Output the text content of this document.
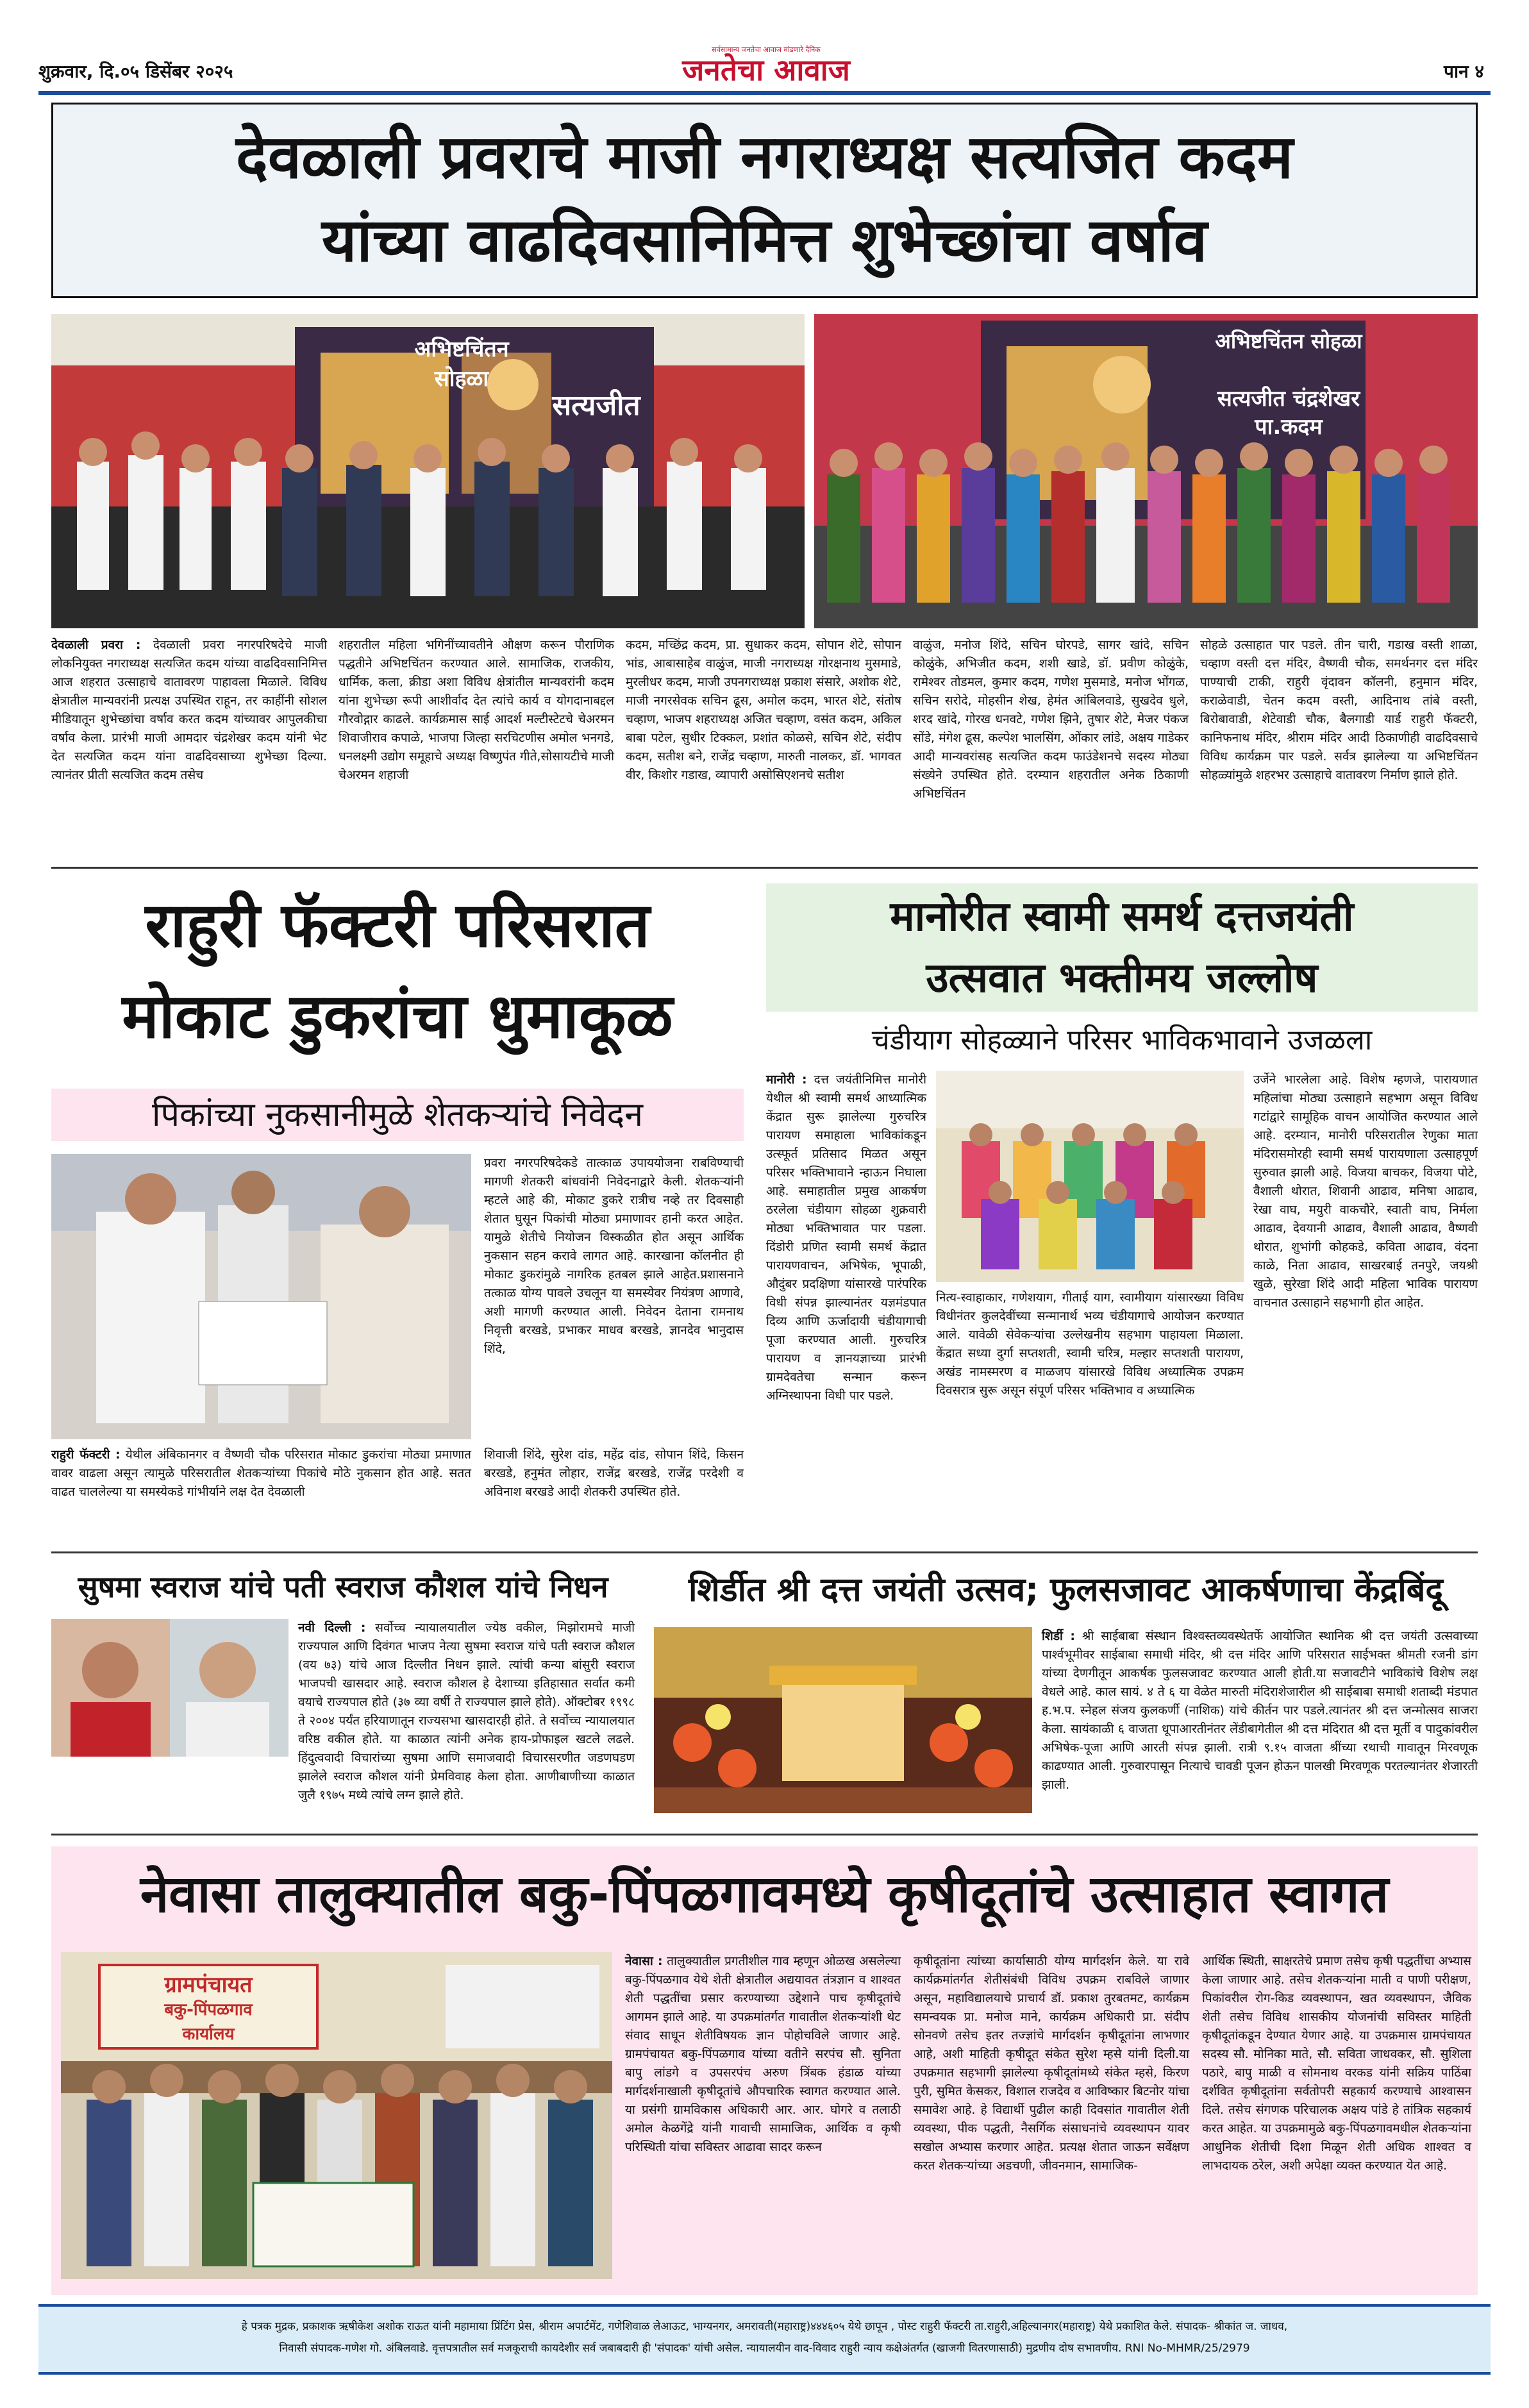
शुक्रवार, दि.०५ डिसेंबर २०२५
सर्वसामान्य जनतेचा आवाज मांडणारे दैनिक
जनतेचा आवाज	पान ४
देवळाली प्रवराचे माजी नगराध्यक्ष सत्यजित कदम
यांच्या वाढदिवसानिमित्त शुभेच्छांचा वर्षाव
अभिष्टचिंतन सोहळा
सत्यजीत
अभिष्टचिंतन सोहळा
सत्यजीत चंद्रशेखर पा.कदम
देवळाली प्रवरा : देवळाली प्रवरा नगरपरिषदेचे माजी लोकनियुक्त नगराध्यक्ष सत्यजित कदम यांच्या वाढदिवसानिमित्त आज शहरात उत्साहाचे वातावरण पाहावला मिळाले. विविध क्षेत्रातील मान्यवरांनी प्रत्यक्ष उपस्थित राहून, तर काहींनी सोशल मीडियातून शुभेच्छांचा वर्षाव करत कदम यांच्यावर आपुलकीचा वर्षाव केला. प्रारंभी माजी आमदार चंद्रशेखर कदम यांनी भेट देत सत्यजित कदम यांना वाढदिवसाच्या शुभेच्छा दिल्या. त्यानंतर प्रीती सत्यजित कदम तसेच
शहरातील महिला भगिनींच्यावतीने औक्षण करून पौराणिक पद्धतीने अभिष्टचिंतन करण्यात आले. सामाजिक, राजकीय, धार्मिक, कला, क्रीडा अशा विविध क्षेत्रांतील मान्यवरांनी कदम यांना शुभेच्छा रूपी आशीर्वाद देत त्यांचे कार्य व योगदानाबद्दल गौरवोद्गार काढले. कार्यक्रमास साई आदर्श मल्टीस्टेटचे चेअरमन शिवाजीराव कपाळे, भाजपा जिल्हा सरचिटणीस अमोल भनगडे, धनलक्ष्मी उद्योग समूहाचे अध्यक्ष विष्णुपंत गीते,सोसायटीचे माजी चेअरमन शहाजी
कदम, मच्छिंद्र कदम, प्रा. सुधाकर कदम, सोपान शेटे, सोपान भांड, आबासाहेब वाळुंज, माजी नगराध्यक्ष गोरक्षनाथ मुसमाडे, मुरलीधर कदम, माजी उपनगराध्यक्ष प्रकाश संसारे, अशोक शेटे, माजी नगरसेवक सचिन ढूस, अमोल कदम, भारत शेटे, संतोष चव्हाण, भाजप शहराध्यक्ष अजित चव्हाण, वसंत कदम, अकिल बाबा पटेल, सुधीर टिक्कल, प्रशांत कोळसे, सचिन शेटे, संदीप कदम, सतीश बने, राजेंद्र चव्हाण, मारुती नालकर, डॉ. भागवत वीर, किशोर गडाख, व्यापारी असोसिएशनचे सतीश
वाळुंज, मनोज शिंदे, सचिन घोरपडे, सागर खांदे, सचिन कोळुंके, अभिजीत कदम, शशी खाडे, डॉ. प्रवीण कोळुंके, रामेश्वर तोडमल, कुमार कदम, गणेश मुसमाडे, मनोज भोंगळ, सचिन सरोदे, मोहसीन शेख, हेमंत आंबिलवाडे, सुखदेव धुले, शरद खांदे, गोरख धनवटे, गणेश झिने, तुषार शेटे, मेजर पंकज सोंडे, मंगेश ढूस, कल्पेश भालसिंग, ओंकार लांडे, अक्षय गाडेकर आदी मान्यवरांसह सत्यजित कदम फाउंडेशनचे सदस्य मोठ्या संख्येने उपस्थित होते. दरम्यान शहरातील अनेक ठिकाणी अभिष्टचिंतन
सोहळे उत्साहात पार पडले. तीन चारी, गडाख वस्ती शाळा, चव्हाण वस्ती दत्त मंदिर, वैष्णवी चौक, समर्थनगर दत्त मंदिर पाण्याची टाकी, राहुरी वृंदावन कॉलनी, हनुमान मंदिर, कराळेवाडी, चेतन कदम वस्ती, आदिनाथ तांबे वस्ती, बिरोबावाडी, शेटेवाडी चौक, बैलगाडी यार्ड राहुरी फॅक्टरी, कानिफनाथ मंदिर, श्रीराम मंदिर आदी ठिकाणीही वाढदिवसाचे विविध कार्यक्रम पार पडले. सर्वत्र झालेल्या या अभिष्टचिंतन सोहळ्यांमुळे शहरभर उत्साहाचे वातावरण निर्माण झाले होते.
राहुरी फॅक्टरी परिसरात
मोकाट डुकरांचा धुमाकूळ
पिकांच्या नुकसानीमुळे शेतकऱ्यांचे निवेदन
प्रवरा नगरपरिषदेकडे तात्काळ उपाययोजना राबविण्याची मागणी शेतकरी बांधवांनी निवेदनाद्वारे केली. शेतकऱ्यांनी म्हटले आहे की, मोकाट डुकरे रात्रीच नव्हे तर दिवसाही शेतात घुसून पिकांची मोठ्या प्रमाणावर हानी करत आहेत. यामुळे शेतीचे नियोजन विस्कळीत होत असून आर्थिक नुकसान सहन करावे लागत आहे. कारखाना कॉलनीत ही मोकाट डुकरांमुळे नागरिक हतबल झाले आहेत.प्रशासनाने तत्काळ योग्य पावले उचलून या समस्येवर नियंत्रण आणावे, अशी मागणी करण्यात आली. निवेदन देताना रामनाथ निवृत्ती बरखडे, प्रभाकर माधव बरखडे, ज्ञानदेव भानुदास शिंदे,
राहुरी फॅक्टरी : येथील अंबिकानगर व वैष्णवी चौक परिसरात मोकाट डुकरांचा मोठ्या प्रमाणात वावर वाढला असून त्यामुळे परिसरातील शेतकऱ्यांच्या पिकांचे मोठे नुकसान होत आहे. सतत वाढत चाललेल्या या समस्येकडे गांभीर्याने लक्ष देत देवळाली
शिवाजी शिंदे, सुरेश दांड, महेंद्र दांड, सोपान शिंदे, किसन बरखडे, हनुमंत लोहार, राजेंद्र बरखडे, राजेंद्र परदेशी व अविनाश बरखडे आदी शेतकरी उपस्थित होते.
मानोरीत स्वामी समर्थ दत्तजयंती
उत्सवात भक्तीमय जल्लोष
चंडीयाग सोहळ्याने परिसर भाविकभावाने उजळला
मानोरी : दत्त जयंतीनिमित्त मानोरी येथील श्री स्वामी समर्थ आध्यात्मिक केंद्रात सुरू झालेल्या गुरुचरित्र पारायण समाहाला भाविकांकडून उत्स्फूर्त प्रतिसाद मिळत असून परिसर भक्तिभावाने न्हाऊन निघाला आहे. समाहातील प्रमुख आकर्षण ठरलेला चंडीयाग सोहळा शुक्रवारी मोठ्या भक्तिभावात पार पडला. दिंडोरी प्रणित स्वामी समर्थ केंद्रात पारायणवाचन, अभिषेक, भूपाळी, औदुंबर प्रदक्षिणा यांसारखे पारंपरिक विधी संपन्न झाल्यानंतर यज्ञमंडपात दिव्य आणि ऊर्जादायी चंडीयागाची पूजा करण्यात आली. गुरुचरित्र पारायण व ज्ञानयज्ञाच्या प्रारंभी ग्रामदेवतेचा सन्मान करून अग्निस्थापना विधी पार पडले.
नित्य-स्वाहाकार, गणेशयाग, गीताई याग, स्वामीयाग यांसारख्या विविध विधीनंतर कुलदेवींच्या सन्मानार्थ भव्य चंडीयागाचे आयोजन करण्यात आले. यावेळी सेवेकऱ्यांचा उल्लेखनीय सहभाग पाहायला मिळाला. केंद्रात सध्या दुर्गा सप्तशती, स्वामी चरित्र, मल्हार सप्तशती पारायण, अखंड नामस्मरण व माळजप यांसारखे विविध अध्यात्मिक उपक्रम दिवसरात्र सुरू असून संपूर्ण परिसर भक्तिभाव व अध्यात्मिक
उर्जेने भारलेला आहे. विशेष म्हणजे, पारायणात महिलांचा मोठ्या उत्साहाने सहभाग असून विविध गटांद्वारे सामूहिक वाचन आयोजित करण्यात आले आहे. दरम्यान, मानोरी परिसरातील रेणुका माता मंदिरासमोरही स्वामी समर्थ पारायणाला उत्साहपूर्ण सुरुवात झाली आहे. विजया बाचकर, विजया पोटे, वैशाली थोरात, शिवानी आढाव, मनिषा आढाव, रेखा वाघ, मयुरी वाकचौरे, स्वाती वाघ, निर्मला आढाव, देवयानी आढाव, वैशाली आढाव, वैष्णवी थोरात, शुभांगी कोहकडे, कविता आढाव, वंदना काळे, निता आढाव, साखरबाई तनपुरे, जयश्री खुळे, सुरेखा शिंदे आदी महिला भाविक पारायण वाचनात उत्साहाने सहभागी होत आहेत.
सुषमा स्वराज यांचे पती स्वराज कौशल यांचे निधन
नवी दिल्ली : सर्वोच्च न्यायालयातील ज्येष्ठ वकील, मिझोरामचे माजी राज्यपाल आणि दिवंगत भाजप नेत्या सुषमा स्वराज यांचे पती स्वराज कौशल (वय ७३) यांचे आज दिल्लीत निधन झाले. त्यांची कन्या बांसुरी स्वराज भाजपची खासदार आहे. स्वराज कौशल हे देशाच्या इतिहासात सर्वात कमी वयाचे राज्यपाल होते (३७ व्या वर्षी ते राज्यपाल झाले होते). ऑक्टोबर १९९८ ते २००४ पर्यंत हरियाणातून राज्यसभा खासदारही होते. ते सर्वोच्च न्यायालयात वरिष्ठ वकील होते. या काळात त्यांनी अनेक हाय-प्रोफाइल खटले लढले. हिंदुत्ववादी विचारांच्या सुषमा आणि समाजवादी विचारसरणीत जडणघडण झालेले स्वराज कौशल यांनी प्रेमविवाह केला होता. आणीबाणीच्या काळात जुलै १९७५ मध्ये त्यांचे लग्न झाले होते.
शिर्डीत श्री दत्त जयंती उत्सव; फुलसजावट आकर्षणाचा केंद्रबिंदू
शिर्डी : श्री साईबाबा संस्थान विश्वस्तव्यवस्थेतर्फे आयोजित स्थानिक श्री दत्त जयंती उत्सवाच्या पार्श्वभूमीवर साईबाबा समाधी मंदिर, श्री दत्त मंदिर आणि परिसरात साईभक्त श्रीमती रजनी डांग यांच्या देणगीतून आकर्षक फुलसजावट करण्यात आली होती.या सजावटीने भाविकांचे विशेष लक्ष वेधले आहे. काल सायं. ४ ते ६ या वेळेत मारुती मंदिराशेजारील श्री साईबाबा समाधी शताब्दी मंडपात ह.भ.प. स्नेहल संजय कुलकर्णी (नाशिक) यांचे कीर्तन पार पडले.त्यानंतर श्री दत्त जन्मोत्सव साजरा केला. सायंकाळी ६ वाजता धूपाआरतीनंतर लेंडीबागेतील श्री दत्त मंदिरात श्री दत्त मूर्ती व पादुकांवरील अभिषेक-पूजा आणि आरती संपन्न झाली. रात्री ९.१५ वाजता श्रींच्या रथाची गावातून मिरवणूक काढण्यात आली. गुरुवारपासून नित्याचे चावडी पूजन होऊन पालखी मिरवणूक परतल्यानंतर शेजारती झाली.
नेवासा तालुक्यातील बकु-पिंपळगावमध्ये कृषीदूतांचे उत्साहात स्वागत
ग्रामपंचायत
बकु-पिंपळगाव
कार्यालय
नेवासा : तालुक्यातील प्रगतीशील गाव म्हणून ओळख असलेल्या बकु-पिंपळगाव येथे शेती क्षेत्रातील अद्ययावत तंत्रज्ञान व शाश्वत शेती पद्धतींचा प्रसार करण्याच्या उद्देशाने पाच कृषीदूतांचे आगमन झाले आहे. या उपक्रमांतर्गत गावातील शेतकऱ्यांशी थेट संवाद साधून शेतीविषयक ज्ञान पोहोचविले जाणार आहे. ग्रामपंचायत बकु-पिंपळगाव यांच्या वतीने सरपंच सौ. सुनिता बापु लांडगे व उपसरपंच अरुण त्रिंबक हंडाळ यांच्या मार्गदर्शनाखाली कृषीदूतांचे औपचारिक स्वागत करण्यात आले. या प्रसंगी ग्रामविकास अधिकारी आर. आर. घोगरे व तलाठी अमोल केळगेंद्रे यांनी गावाची सामाजिक, आर्थिक व कृषी परिस्थिती यांचा सविस्तर आढावा सादर करून
कृषीदूतांना त्यांच्या कार्यासाठी योग्य मार्गदर्शन केले. या रावे कार्यक्रमांतर्गत शेतीसंबंधी विविध उपक्रम राबविले जाणार असून, महाविद्यालयाचे प्राचार्य डॉ. प्रकाश तुरबतमट, कार्यक्रम समन्वयक प्रा. मनोज माने, कार्यक्रम अधिकारी प्रा. संदीप सोनवणे तसेच इतर तज्ज्ञांचे मार्गदर्शन कृषीदूतांना लाभणार आहे, अशी माहिती कृषीदूत संकेत सुरेश म्हसे यांनी दिली.या उपक्रमात सहभागी झालेल्या कृषीदूतांमध्ये संकेत म्हसे, किरण पुरी, सुमित केसकर, विशाल राजदेव व आविष्कार बिटनोर यांचा समावेश आहे. हे विद्यार्थी पुढील काही दिवसांत गावातील शेती व्यवस्था, पीक पद्धती, नैसर्गिक संसाधनांचे व्यवस्थापन यावर सखोल अभ्यास करणार आहेत. प्रत्यक्ष शेतात जाऊन सर्वेक्षण करत शेतकऱ्यांच्या अडचणी, जीवनमान, सामाजिक-
आर्थिक स्थिती, साक्षरतेचे प्रमाण तसेच कृषी पद्धतींचा अभ्यास केला जाणार आहे. तसेच शेतकऱ्यांना माती व पाणी परीक्षण, पिकांवरील रोग-किड व्यवस्थापन, खत व्यवस्थापन, जैविक शेती तसेच विविध शासकीय योजनांची सविस्तर माहिती कृषीदूतांकडून देण्यात येणार आहे. या उपक्रमास ग्रामपंचायत सदस्य सौ. मोनिका माते, सौ. सविता जाधवकर, सौ. सुशिला पठारे, बापु माळी व सोमनाथ वरकड यांनी सक्रिय पाठिंबा दर्शवित कृषीदूतांना सर्वतोपरी सहकार्य करण्याचे आश्वासन दिले. तसेच संगणक परिचालक अक्षय पांडे हे तांत्रिक सहकार्य करत आहेत. या उपक्रमामुळे बकु-पिंपळगावमधील शेतकऱ्यांना आधुनिक शेतीची दिशा मिळून शेती अधिक शाश्वत व लाभदायक ठरेल, अशी अपेक्षा व्यक्त करण्यात येत आहे.
हे पत्रक मुद्रक, प्रकाशक ऋषीकेश अशोक राऊत यांनी महामाया प्रिंटिंग प्रेस, श्रीराम अपार्टमेंट, गणेशिवाळ लेआऊट, भाग्यनगर, अमरावती(महाराष्ट्र)४४४६०५ येथे छापून , पोस्ट राहुरी फॅक्टरी ता.राहुरी,अहिल्यानगर(महाराष्ट्र) येथे प्रकाशित केले. संपादक- श्रीकांत ज. जाधव,
निवासी संपादक-गणेश गो. अंबिलवाडे. वृत्तपत्रातील सर्व मजकूराची कायदेशीर सर्व जबाबदारी ही 'संपादक' यांची असेल. न्यायालयीन वाद-विवाद राहुरी न्याय कक्षेअंतर्गत (खाजगी वितरणासाठी) मुद्रणीय दोष सभावणीय. RNI No-MHMR/25/2979
